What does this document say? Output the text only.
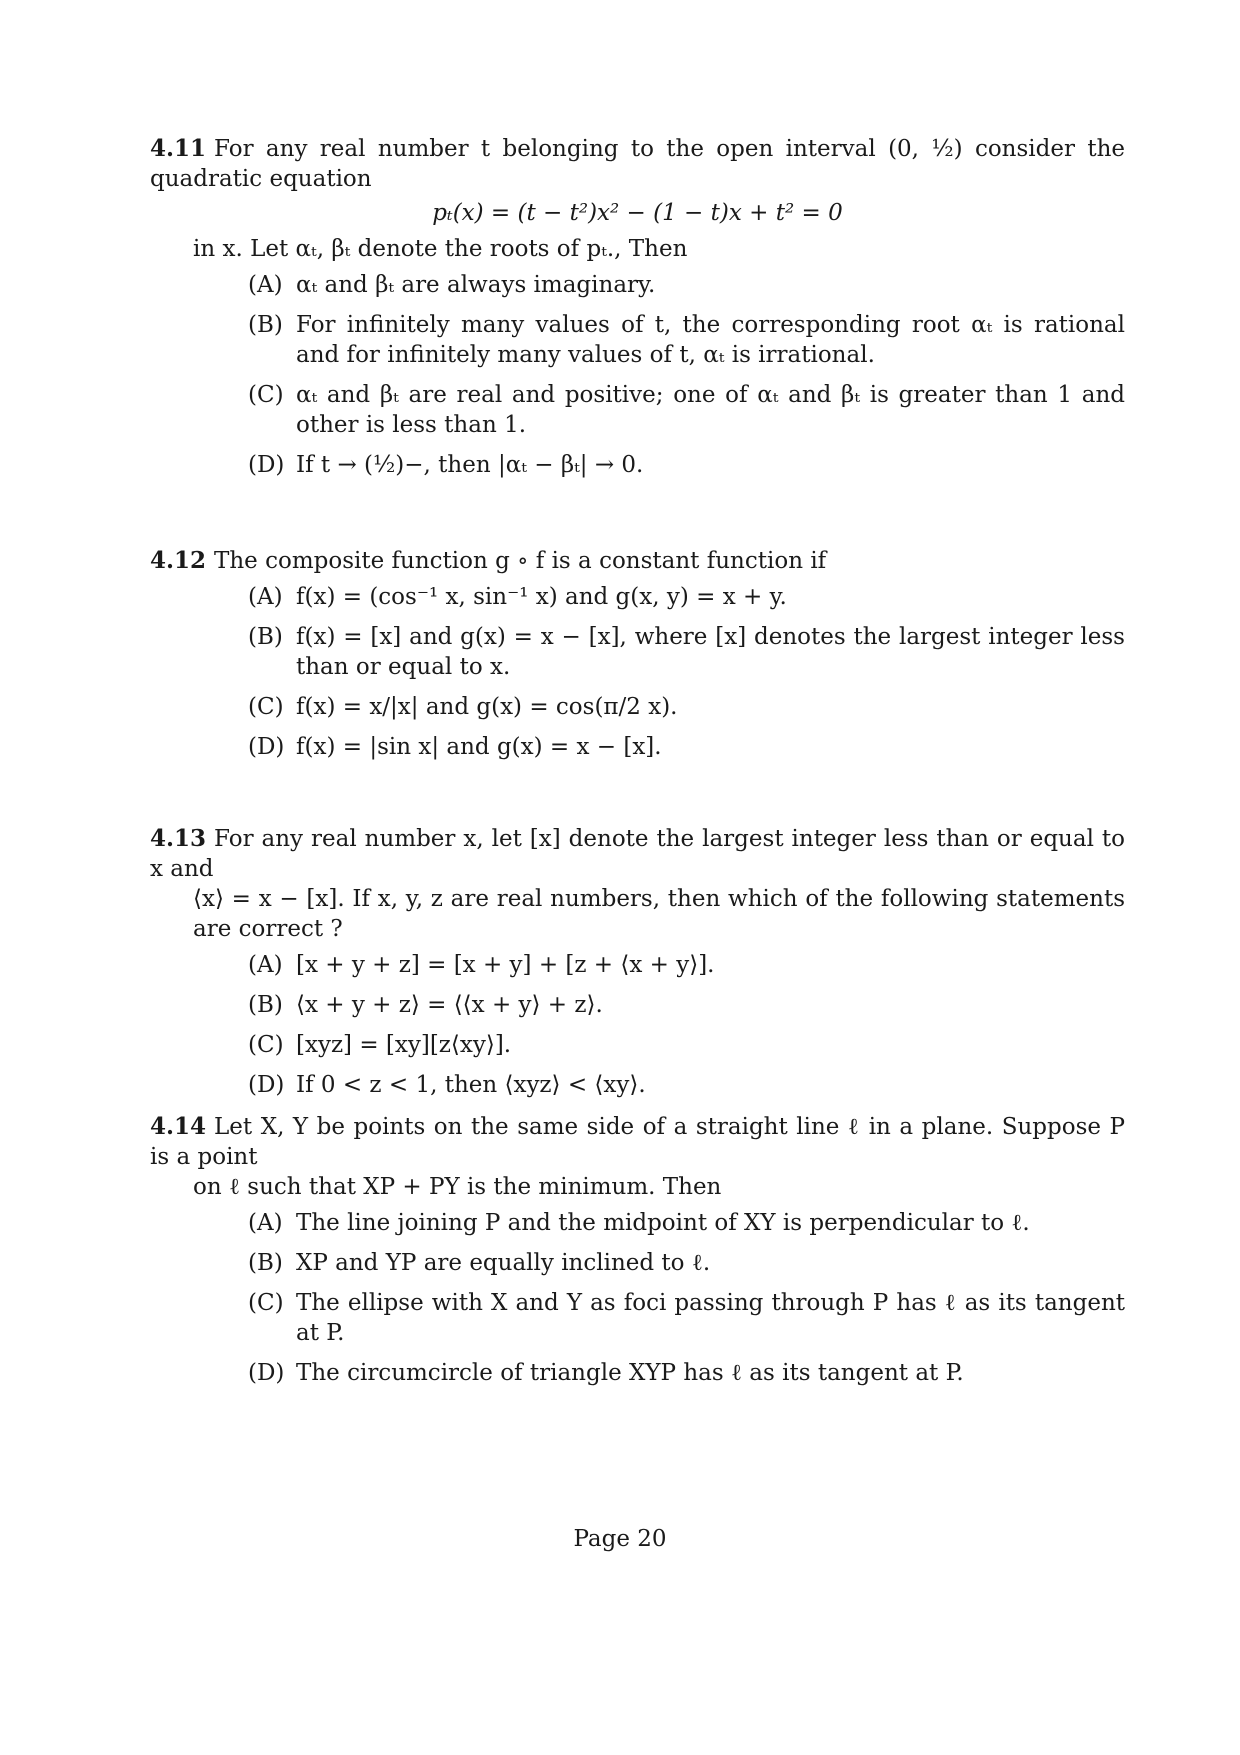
4.11 For any real number t belonging to the open interval (0, ½) consider the quadratic equation
pₜ(x) = (t − t²)x² − (1 − t)x + t² = 0
in x. Let αₜ, βₜ denote the roots of pₜ., Then
(A) αₜ and βₜ are always imaginary.
(B) For infinitely many values of t, the corresponding root αₜ is rational and for infinitely many values of t, αₜ is irrational.
(C) αₜ and βₜ are real and positive; one of αₜ and βₜ is greater than 1 and other is less than 1.
(D) If t → (½)−, then |αₜ − βₜ| → 0.
4.12 The composite function g ∘ f is a constant function if
(A) f(x) = (cos⁻¹ x, sin⁻¹ x) and g(x, y) = x + y.
(B) f(x) = [x] and g(x) = x − [x], where [x] denotes the largest integer less than or equal to x.
(C) f(x) = x/|x| and g(x) = cos(π/2 x).
(D) f(x) = |sin x| and g(x) = x − [x].
4.13 For any real number x, let [x] denote the largest integer less than or equal to x and
⟨x⟩ = x − [x]. If x, y, z are real numbers, then which of the following statements are correct ?
(A) [x + y + z] = [x + y] + [z + ⟨x + y⟩].
(B) ⟨x + y + z⟩ = ⟨⟨x + y⟩ + z⟩.
(C) [xyz] = [xy][z⟨xy⟩].
(D) If 0 < z < 1, then ⟨xyz⟩ < ⟨xy⟩.
4.14 Let X, Y be points on the same side of a straight line ℓ in a plane. Suppose P is a point
on ℓ such that XP + PY is the minimum. Then
(A) The line joining P and the midpoint of XY is perpendicular to ℓ.
(B) XP and YP are equally inclined to ℓ.
(C) The ellipse with X and Y as foci passing through P has ℓ as its tangent at P.
(D) The circumcircle of triangle XYP has ℓ as its tangent at P.
Page 20
